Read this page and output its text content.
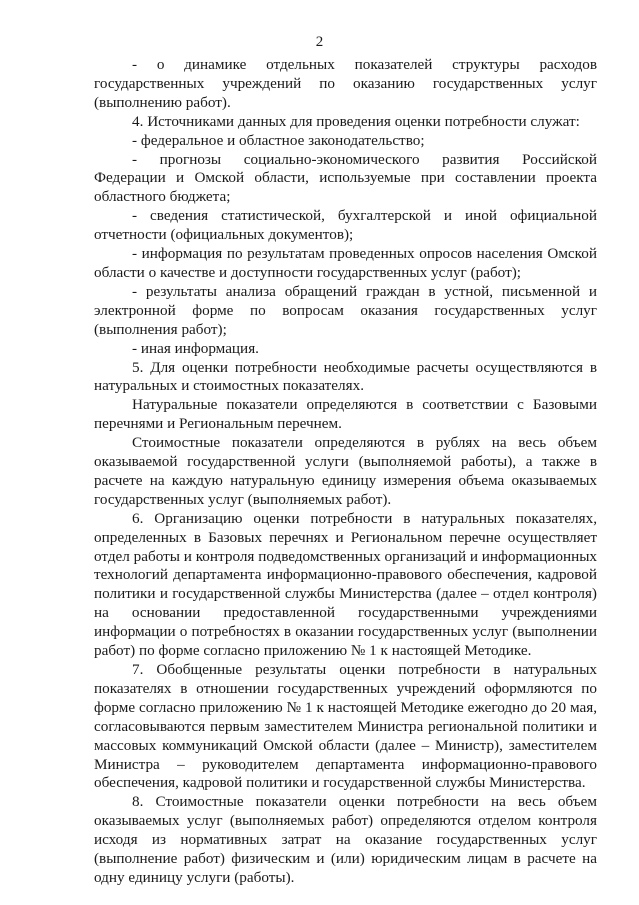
2

- о динамике отдельных показателей структуры расходов государственных учреждений по оказанию государственных услуг (выполнению работ).

4. Источниками данных для проведения оценки потребности служат:

- федеральное и областное законодательство;

- прогнозы социально-экономического развития Российской Федерации и Омской области, используемые при составлении проекта областного бюджета;

- сведения статистической, бухгалтерской и иной официальной отчетности (официальных документов);

- информация по результатам проведенных опросов населения Омской области о качестве и доступности государственных услуг (работ);

- результаты анализа обращений граждан в устной, письменной и электронной форме по вопросам оказания государственных услуг (выполнения работ);

- иная информация.

5. Для оценки потребности необходимые расчеты осуществляются в натуральных и стоимостных показателях.

Натуральные показатели определяются в соответствии с Базовыми перечнями и Региональным перечнем.

Стоимостные показатели определяются в рублях на весь объем оказываемой государственной услуги (выполняемой работы), а также в расчете на каждую натуральную единицу измерения объема оказываемых государственных услуг (выполняемых работ).

6. Организацию оценки потребности в натуральных показателях, определенных в Базовых перечнях и Региональном перечне осуществляет отдел работы и контроля подведомственных организаций и информационных технологий департамента информационно-правового обеспечения, кадровой политики и государственной службы Министерства (далее – отдел контроля) на основании предоставленной государственными учреждениями информации о потребностях в оказании государственных услуг (выполнении работ) по форме согласно приложению № 1 к настоящей Методике.

7. Обобщенные результаты оценки потребности в натуральных показателях в отношении государственных учреждений оформляются по форме согласно приложению № 1 к настоящей Методике ежегодно до 20 мая, согласовываются первым заместителем Министра региональной политики и массовых коммуникаций Омской области (далее – Министр), заместителем Министра – руководителем департамента информационно-правового обеспечения, кадровой политики и государственной службы Министерства.

8. Стоимостные показатели оценки потребности на весь объем оказываемых услуг (выполняемых работ) определяются отделом контроля исходя из нормативных затрат на оказание государственных услуг (выполнение работ) физическим и (или) юридическим лицам в расчете на одну единицу услуги (работы).
